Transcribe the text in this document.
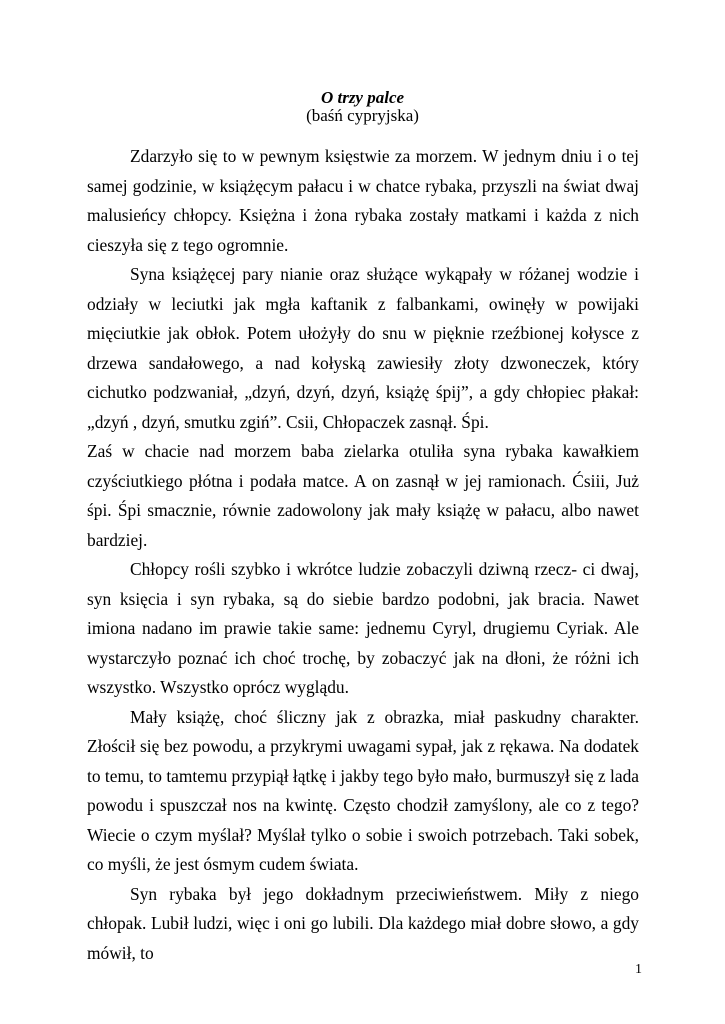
O trzy palce
(baśń cypryjska)

Zdarzyło się to w pewnym księstwie za morzem. W jednym dniu i o tej samej godzinie, w książęcym pałacu i w chatce rybaka, przyszli na świat dwaj malusieńcy chłopcy. Księżna i żona rybaka zostały matkami i każda z nich cieszyła się z tego ogromnie.

Syna książęcej pary nianie oraz służące wykąpały w różanej wodzie i odziały w leciutki jak mgła kaftanik z falbankami, owinęły w powijaki mięciutkie jak obłok. Potem ułożyły do snu w pięknie rzeźbionej kołysce z drzewa sandałowego, a nad kołyską zawiesiły złoty dzwoneczek, który cichutko podzwaniał, „dzyń, dzyń, dzyń, książę śpij”, a gdy chłopiec płakał: „dzyń , dzyń, smutku zgiń”. Csii, Chłopaczek zasnął. Śpi.

Zaś w chacie nad morzem baba zielarka otuliła syna rybaka kawałkiem czyściutkiego płótna i podała matce. A on zasnął w jej ramionach. Ćsiii, Już śpi. Śpi smacznie, równie zadowolony jak mały książę w pałacu, albo nawet bardziej.

Chłopcy rośli szybko i wkrótce ludzie zobaczyli dziwną rzecz- ci dwaj, syn księcia i syn rybaka, są do siebie bardzo podobni, jak bracia. Nawet imiona nadano im prawie takie same: jednemu Cyryl, drugiemu Cyriak. Ale wystarczyło poznać ich choć trochę, by zobaczyć jak na dłoni, że różni ich wszystko. Wszystko oprócz wyglądu.

Mały książę, choć śliczny jak z obrazka, miał paskudny charakter. Złościł się bez powodu, a przykrymi uwagami sypał, jak z rękawa. Na dodatek to temu, to tamtemu przypiął łątkę i jakby tego było mało, burmuszył się z lada powodu i spuszczał nos na kwintę. Często chodził zamyślony, ale co z tego? Wiecie o czym myślał? Myślał tylko o sobie i swoich potrzebach. Taki sobek, co myśli, że jest ósmym cudem świata.

Syn rybaka był jego dokładnym przeciwieństwem. Miły z niego chłopak. Lubił ludzi, więc i oni go lubili. Dla każdego miał dobre słowo, a gdy mówił, to

1
